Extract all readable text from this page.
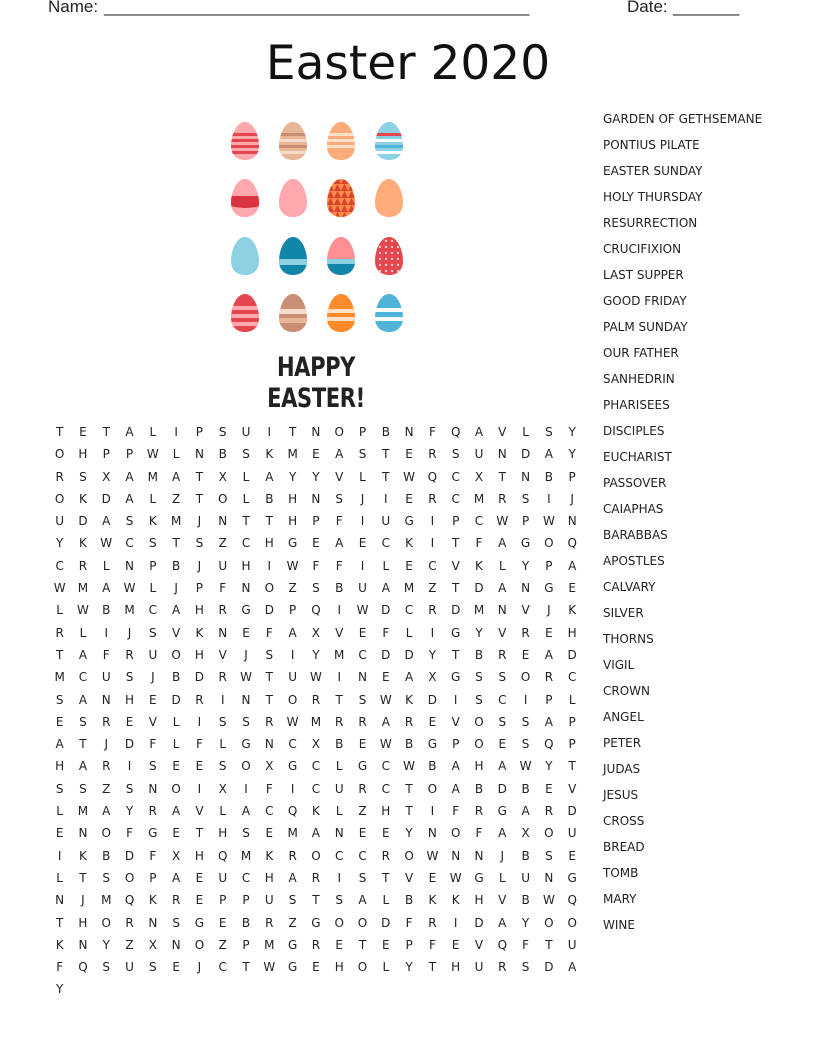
Name: _____________________________________________	Date: _______
Easter 2020
HAPPY EASTER!
T	E	T	A	L	I	P	S	U	I	T	N	O	P	B	N	F	Q	A	V	L	S	Y
O	H	P	P	W	L	N	B	S	K	M	E	A	S	T	E	R	S	U	N	D	A	Y
R	S	X	A	M	A	T	X	L	A	Y	Y	V	L	T	W	Q	C	X	T	N	B	P
O	K	D	A	L	Z	T	O	L	B	H	N	S	J	I	E	R	C	M	R	S	I	J
U	D	A	S	K	M	J	N	T	T	H	P	F	I	U	G	I	P	C	W	P	W	N
Y	K	W	C	S	T	S	Z	C	H	G	E	A	E	C	K	I	T	F	A	G	O	Q
C	R	L	N	P	B	J	U	H	I	W	F	F	I	L	E	C	V	K	L	Y	P	A
W	M	A	W	L	J	P	F	N	O	Z	S	B	U	A	M	Z	T	D	A	N	G	E
L	W	B	M	C	A	H	R	G	D	P	Q	I	W	D	C	R	D	M	N	V	J	K
R	L	I	J	S	V	K	N	E	F	A	X	V	E	F	L	I	G	Y	V	R	E	H
T	A	F	R	U	O	H	V	J	S	I	Y	M	C	D	D	Y	T	B	R	E	A	D
M	C	U	S	J	B	D	R	W	T	U	W	I	N	E	A	X	G	S	S	O	R	C
S	A	N	H	E	D	R	I	N	T	O	R	T	S	W	K	D	I	S	C	I	P	L
E	S	R	E	V	L	I	S	S	R	W	M	R	R	A	R	E	V	O	S	S	A	P
A	T	J	D	F	L	F	L	G	N	C	X	B	E	W	B	G	P	O	E	S	Q	P
H	A	R	I	S	E	E	S	O	X	G	C	L	G	C	W	B	A	H	A	W	Y	T
S	S	Z	S	N	O	I	X	I	F	I	C	U	R	C	T	O	A	B	D	B	E	V
L	M	A	Y	R	A	V	L	A	C	Q	K	L	Z	H	T	I	F	R	G	A	R	D
E	N	O	F	G	E	T	H	S	E	M	A	N	E	E	Y	N	O	F	A	X	O	U
I	K	B	D	F	X	H	Q	M	K	R	O	C	C	R	O	W	N	N	J	B	S	E
L	T	S	O	P	A	E	U	C	H	A	R	I	S	T	V	E	W	G	L	U	N	G
N	J	M	Q	K	R	E	P	P	U	S	T	S	A	L	B	K	K	H	V	B	W	Q
T	H	O	R	N	S	G	E	B	R	Z	G	O	O	D	F	R	I	D	A	Y	O	O
K	N	Y	Z	X	N	O	Z	P	M	G	R	E	T	E	P	F	E	V	Q	F	T	U
F	Q	S	U	S	E	J	C	T	W	G	E	H	O	L	Y	T	H	U	R	S	D	A
Y
GARDEN OF GETHSEMANE
PONTIUS PILATE
EASTER SUNDAY
HOLY THURSDAY
RESURRECTION
CRUCIFIXION
LAST SUPPER
GOOD FRIDAY
PALM SUNDAY
OUR FATHER
SANHEDRIN
PHARISEES
DISCIPLES
EUCHARIST
PASSOVER
CAIAPHAS
BARABBAS
APOSTLES
CALVARY
SILVER
THORNS
VIGIL
CROWN
ANGEL
PETER
JUDAS
JESUS
CROSS
BREAD
TOMB
MARY
WINE
